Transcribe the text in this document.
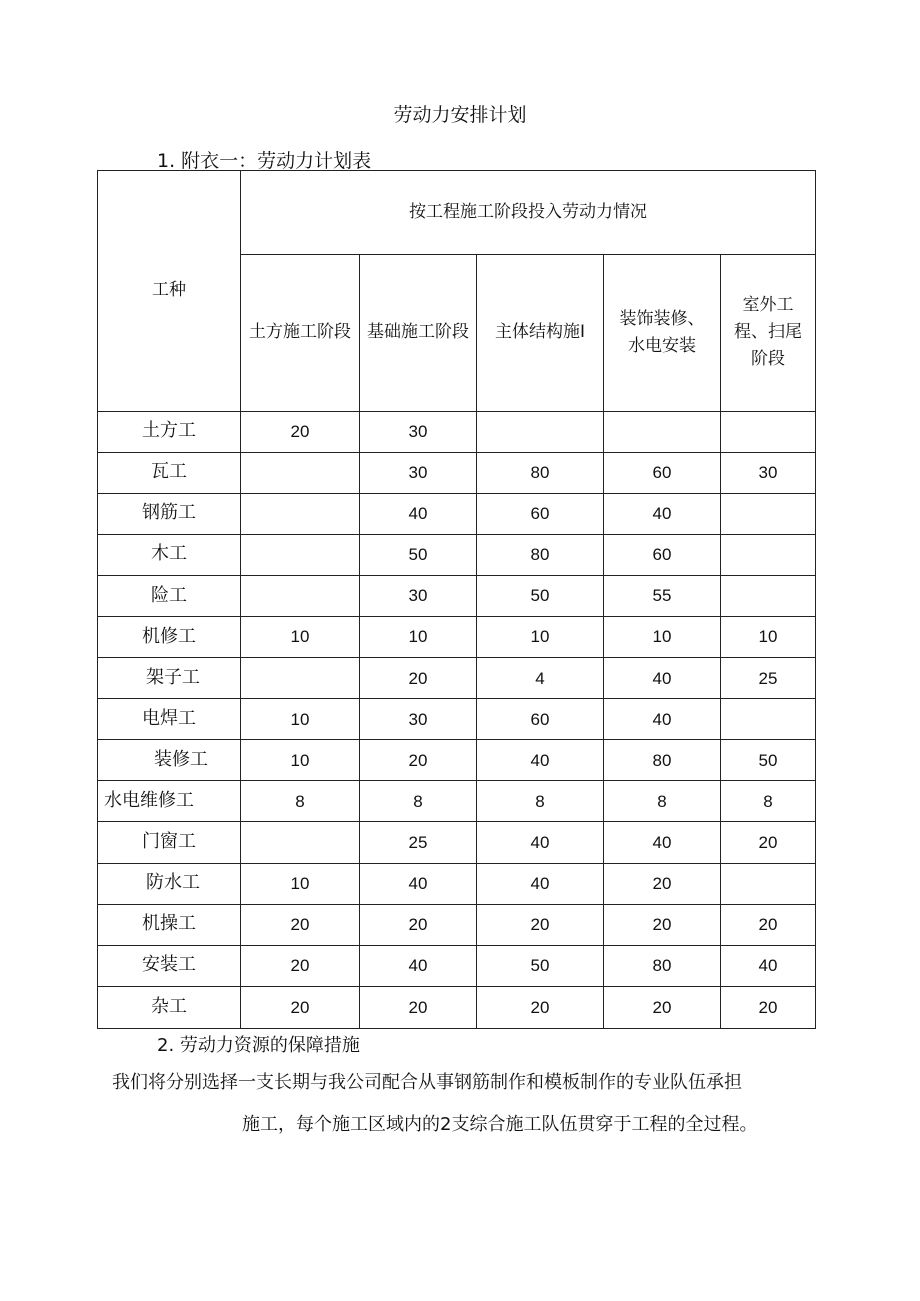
劳动力安排计划
1. 附衣一：劳动力计划表
工种	按工程施工阶段投入劳动力情况				
	土方施工阶段	基础施工阶段	主体结构施I	装饰装修、水电安装	室外工程、扫尾阶段
土方工	20	30			
瓦工		30	80	60	30
钢筋工		40	60	40	
木工		50	80	60	
险工		30	50	55	
机修工	10	10	10	10	10
架子工		20	4	40	25
电焊工	10	30	60	40	
装修工	10	20	40	80	50
水电维修工	8	8	8	8	8
门窗工		25	40	40	20
防水工	10	40	40	20	
机操工	20	20	20	20	20
安装工	20	40	50	80	40
杂工	20	20	20	20	20
2. 劳动力资源的保障措施
我们将分别选择一支长期与我公司配合从事钢筋制作和模板制作的专业队伍承担
施工，每个施工区域内的2支综合施工队伍贯穿于工程的全过程。
